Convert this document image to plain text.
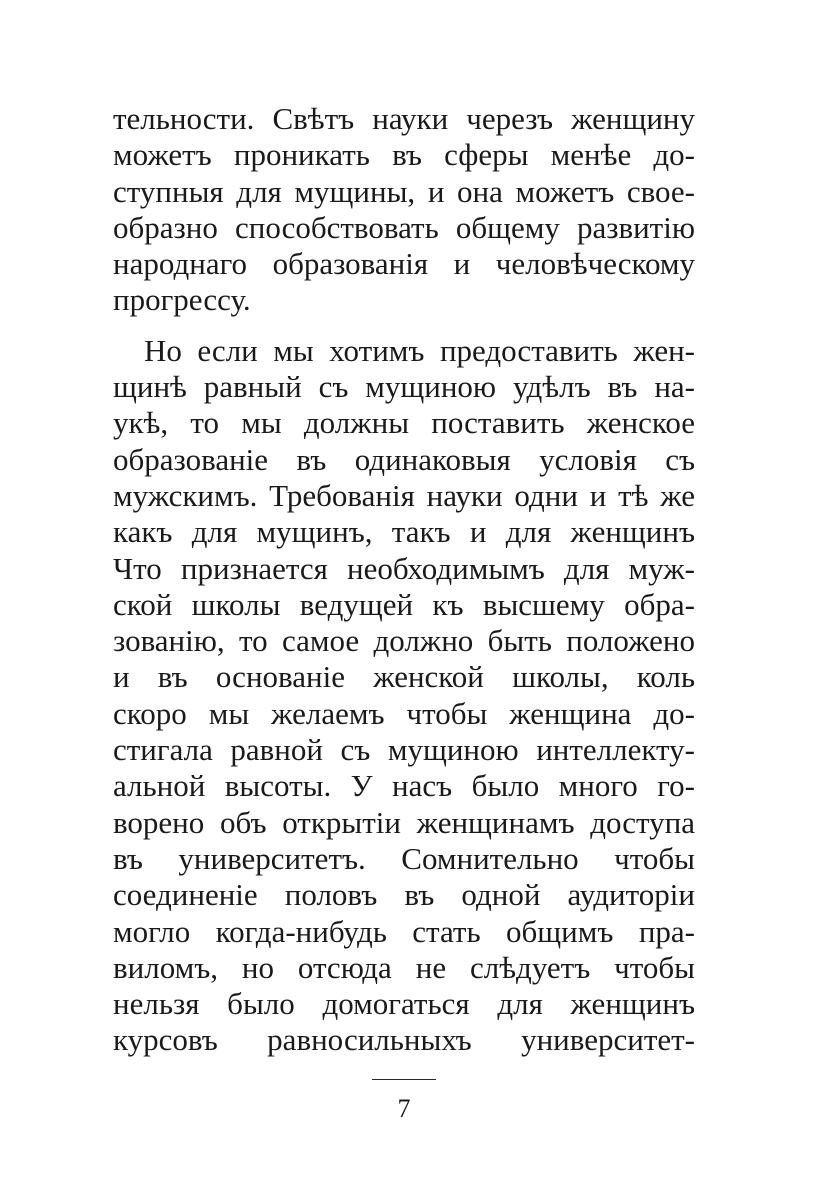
тельности. Свѣтъ науки черезъ женщину
можетъ проникать въ сферы менѣе до-
ступныя для мущины, и она можетъ свое-
образно способствовать общему развитію
народнаго образованія и человѣческому
прогрессу.
Но если мы хотимъ предоставить жен-
щинѣ равный съ мущиною удѣлъ въ на-
укѣ, то мы должны поставить женское
образованіе въ одинаковыя условія съ
мужскимъ. Требованія науки одни и тѣ же
какъ для мущинъ, такъ и для женщинъ
Что признается необходимымъ для муж-
ской школы ведущей къ высшему обра-
зованію, то самое должно быть положено
и въ основаніе женской школы, коль
скоро мы желаемъ чтобы женщина до-
стигала равной съ мущиною интеллекту-
альной высоты. У насъ было много го-
ворено объ открытіи женщинамъ доступа
въ университетъ. Сомнительно чтобы
соединеніе половъ въ одной аудиторіи
могло когда-нибудь стать общимъ пра-
виломъ, но отсюда не слѣдуетъ чтобы
нельзя было домогаться для женщинъ
курсовъ равносильныхъ университет-
7
